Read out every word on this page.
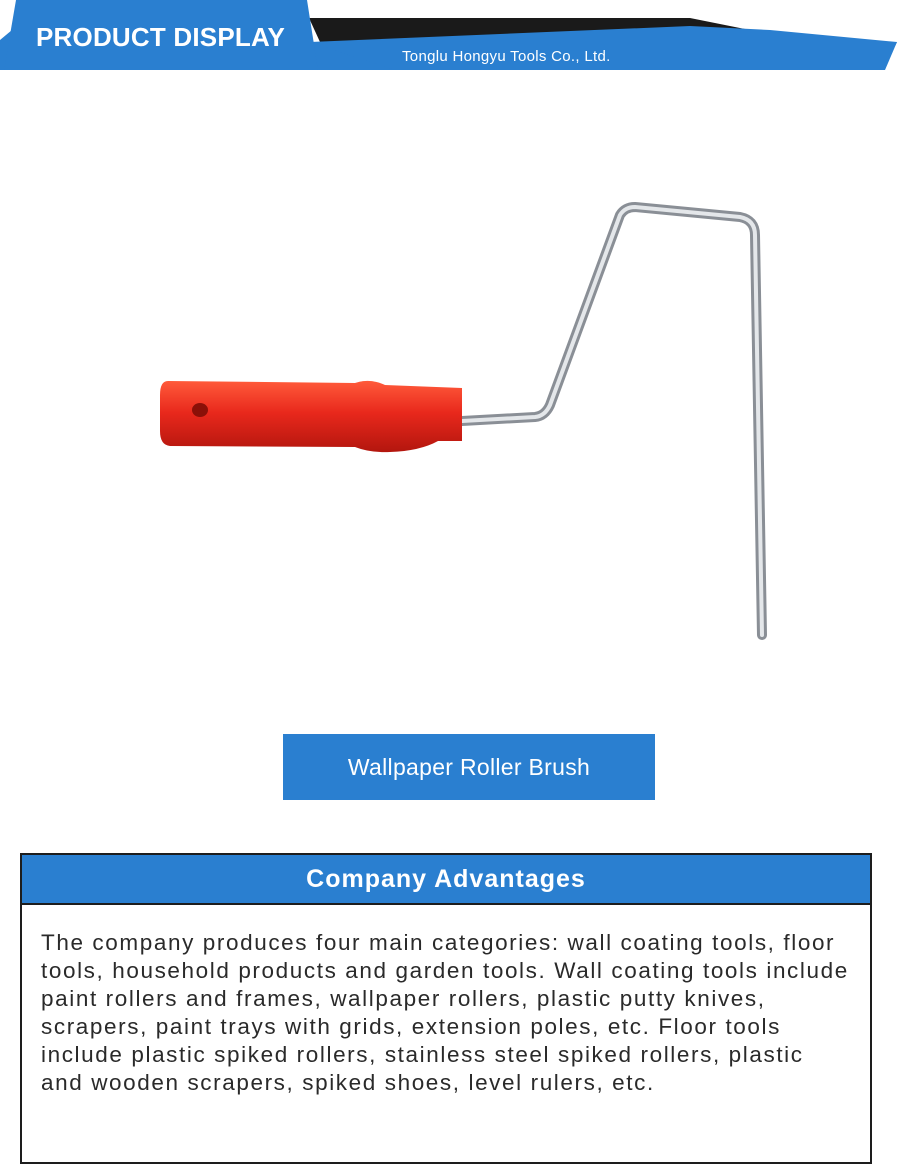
PRODUCT DISPLAY
Tonglu Hongyu Tools Co., Ltd.
Wallpaper Roller Brush
Company Advantages
The company produces four main categories: wall coating tools, floor tools, household products and garden tools. Wall coating tools include paint rollers and frames, wallpaper rollers, plastic putty knives, scrapers, paint trays with grids, extension poles, etc. Floor tools include plastic spiked rollers, stainless steel spiked rollers, plastic and wooden scrapers, spiked shoes, level rulers, etc.
